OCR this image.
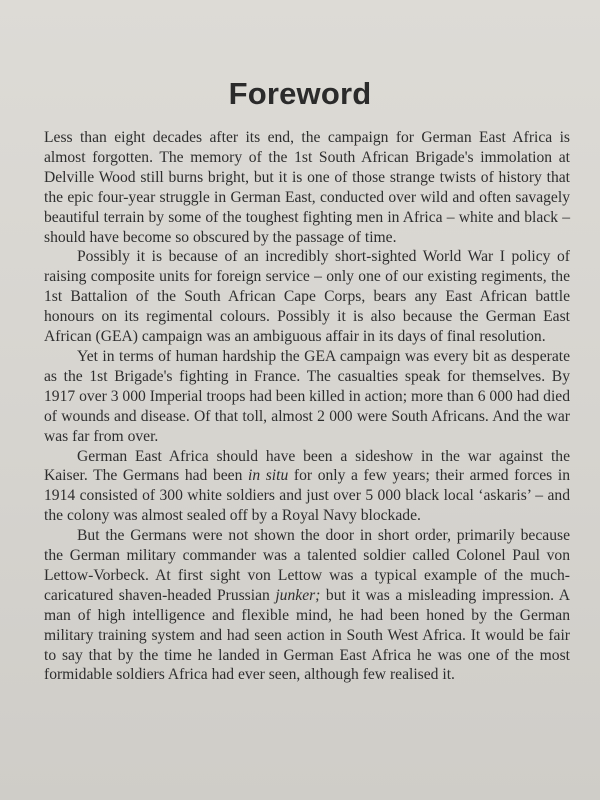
Foreword

Less than eight decades after its end, the campaign for German East Africa is almost forgotten. The memory of the 1st South African Brigade's immolation at Delville Wood still burns bright, but it is one of those strange twists of history that the epic four-year struggle in German East, conducted over wild and often savagely beautiful terrain by some of the toughest fighting men in Africa – white and black – should have become so obscured by the passage of time.

Possibly it is because of an incredibly short-sighted World War I policy of raising composite units for foreign service – only one of our existing regiments, the 1st Battalion of the South African Cape Corps, bears any East African battle honours on its regimental colours. Possibly it is also because the German East African (GEA) campaign was an ambiguous affair in its days of final resolution.

Yet in terms of human hardship the GEA campaign was every bit as desperate as the 1st Brigade's fighting in France. The casualties speak for themselves. By 1917 over 3 000 Imperial troops had been killed in action; more than 6 000 had died of wounds and disease. Of that toll, almost 2 000 were South Africans. And the war was far from over.

German East Africa should have been a sideshow in the war against the Kaiser. The Germans had been in situ for only a few years; their armed forces in 1914 consisted of 300 white soldiers and just over 5 000 black local ‘askaris’ – and the colony was almost sealed off by a Royal Navy blockade.

But the Germans were not shown the door in short order, primarily because the German military commander was a talented soldier called Colonel Paul von Lettow-Vorbeck. At first sight von Lettow was a typical example of the much-caricatured shaven-headed Prussian junker; but it was a misleading impression. A man of high intelligence and flexible mind, he had been honed by the German military training system and had seen action in South West Africa. It would be fair to say that by the time he landed in German East Africa he was one of the most formidable soldiers Africa had ever seen, although few realised it.
